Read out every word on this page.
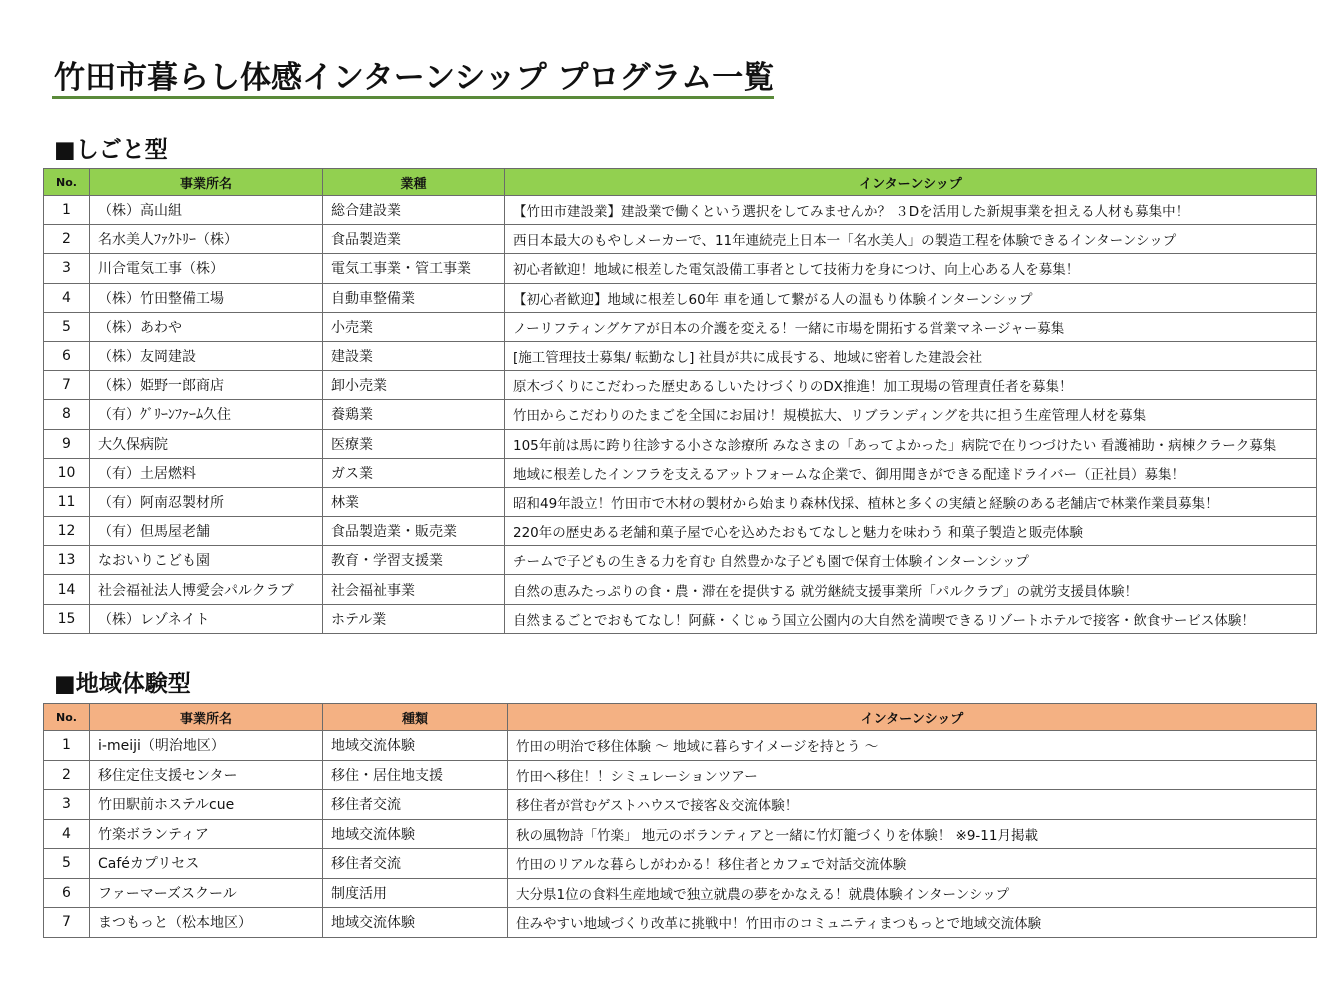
竹田市暮らし体感インターンシップ プログラム一覧
■しごと型
No.	事業所名	業種	インターンシップ
1	（株）高山組	総合建設業	【竹田市建設業】建設業で働くという選択をしてみませんか？ ３Dを活用した新規事業を担える人材も募集中！
2	名水美人ﾌｧｸﾄﾘｰ（株）	食品製造業	西日本最大のもやしメーカーで、11年連続売上日本一「名水美人」の製造工程を体験できるインターンシップ
3	川合電気工事（株）	電気工事業・管工事業	初心者歓迎！地域に根差した電気設備工事者として技術力を身につけ、向上心ある人を募集！
4	（株）竹田整備工場	自動車整備業	【初心者歓迎】地域に根差し60年 車を通して繋がる人の温もり体験インターンシップ
5	（株）あわや	小売業	ノーリフティングケアが日本の介護を変える！一緒に市場を開拓する営業マネージャー募集
6	（株）友岡建設	建設業	[施工管理技士募集/ 転勤なし] 社員が共に成長する、地域に密着した建設会社
7	（株）姫野一郎商店	卸小売業	原木づくりにこだわった歴史あるしいたけづくりのDX推進！加工現場の管理責任者を募集！
8	（有）ｸﾞﾘｰﾝﾌｧｰﾑ久住	養鶏業	竹田からこだわりのたまごを全国にお届け！規模拡大、リブランディングを共に担う生産管理人材を募集
9	大久保病院	医療業	105年前は馬に跨り往診する小さな診療所 みなさまの「あってよかった」病院で在りつづけたい 看護補助・病棟クラーク募集
10	（有）土居燃料	ガス業	地域に根差したインフラを支えるアットフォームな企業で、御用聞きができる配達ドライバー（正社員）募集！
11	（有）阿南忍製材所	林業	昭和49年設立！竹田市で木材の製材から始まり森林伐採、植林と多くの実績と経験のある老舗店で林業作業員募集！
12	（有）但馬屋老舗	食品製造業・販売業	220年の歴史ある老舗和菓子屋で心を込めたおもてなしと魅力を味わう 和菓子製造と販売体験
13	なおいりこども園	教育・学習支援業	チームで子どもの生きる力を育む 自然豊かな子ども園で保育士体験インターンシップ
14	社会福祉法人博愛会パルクラブ	社会福祉事業	自然の恵みたっぷりの食・農・滞在を提供する 就労継続支援事業所「パルクラブ」の就労支援員体験！
15	（株）レゾネイト	ホテル業	自然まるごとでおもてなし！阿蘇・くじゅう国立公園内の大自然を満喫できるリゾートホテルで接客・飲食サービス体験！
■地域体験型
No.	事業所名	種類	インターンシップ
1	i-meiji（明治地区）	地域交流体験	竹田の明治で移住体験 ～ 地域に暮らすイメージを持とう ～
2	移住定住支援センター	移住・居住地支援	竹田へ移住！！シミュレーションツアー
3	竹田駅前ホステルcue	移住者交流	移住者が営むゲストハウスで接客＆交流体験！
4	竹楽ボランティア	地域交流体験	秋の風物詩「竹楽」 地元のボランティアと一緒に竹灯籠づくりを体験！ ※9-11月掲載
5	Caféカプリセス	移住者交流	竹田のリアルな暮らしがわかる！移住者とカフェで対話交流体験
6	ファーマーズスクール	制度活用	大分県1位の食料生産地域で独立就農の夢をかなえる！就農体験インターンシップ
7	まつもっと（松本地区）	地域交流体験	住みやすい地域づくり改革に挑戦中！竹田市のコミュニティまつもっとで地域交流体験
